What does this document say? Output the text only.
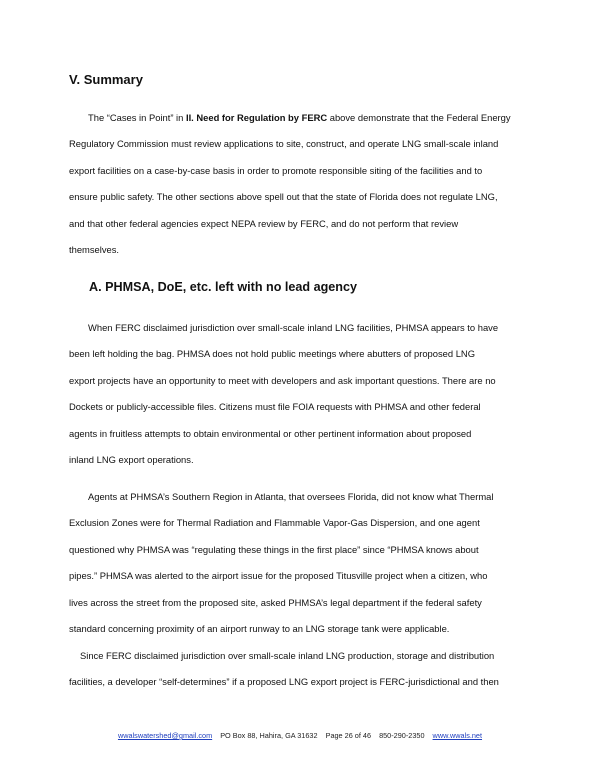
V. Summary
The “Cases in Point” in II. Need for Regulation by FERC above demonstrate that the Federal Energy
Regulatory Commission must review applications to site, construct, and operate LNG small-scale inland
export facilities on a case-by-case basis in order to promote responsible siting of the facilities and to
ensure public safety. The other sections above spell out that the state of Florida does not regulate LNG,
and that other federal agencies expect NEPA review by FERC, and do not perform that review
themselves.
A. PHMSA, DoE, etc. left with no lead agency
When FERC disclaimed jurisdiction over small-scale inland LNG facilities, PHMSA appears to have
been left holding the bag. PHMSA does not hold public meetings where abutters of proposed LNG
export projects have an opportunity to meet with developers and ask important questions. There are no
Dockets or publicly-accessible files. Citizens must file FOIA requests with PHMSA and other federal
agents in fruitless attempts to obtain environmental or other pertinent information about proposed
inland LNG export operations.
Agents at PHMSA’s Southern Region in Atlanta, that oversees Florida, did not know what Thermal
Exclusion Zones were for Thermal Radiation and Flammable Vapor-Gas Dispersion, and one agent
questioned why PHMSA was “regulating these things in the first place” since “PHMSA knows about
pipes.” PHMSA was alerted to the airport issue for the proposed Titusville project when a citizen, who
lives across the street from the proposed site, asked PHMSA’s legal department if the federal safety
standard concerning proximity of an airport runway to an LNG storage tank were applicable.
Since FERC disclaimed jurisdiction over small-scale inland LNG production, storage and distribution
facilities, a developer “self-determines” if a proposed LNG export project is FERC-jurisdictional and then
wwalswatershed@gmail.com PO Box 88, Hahira, GA 31632 Page 26 of 46 850-290-2350 www.wwals.net
